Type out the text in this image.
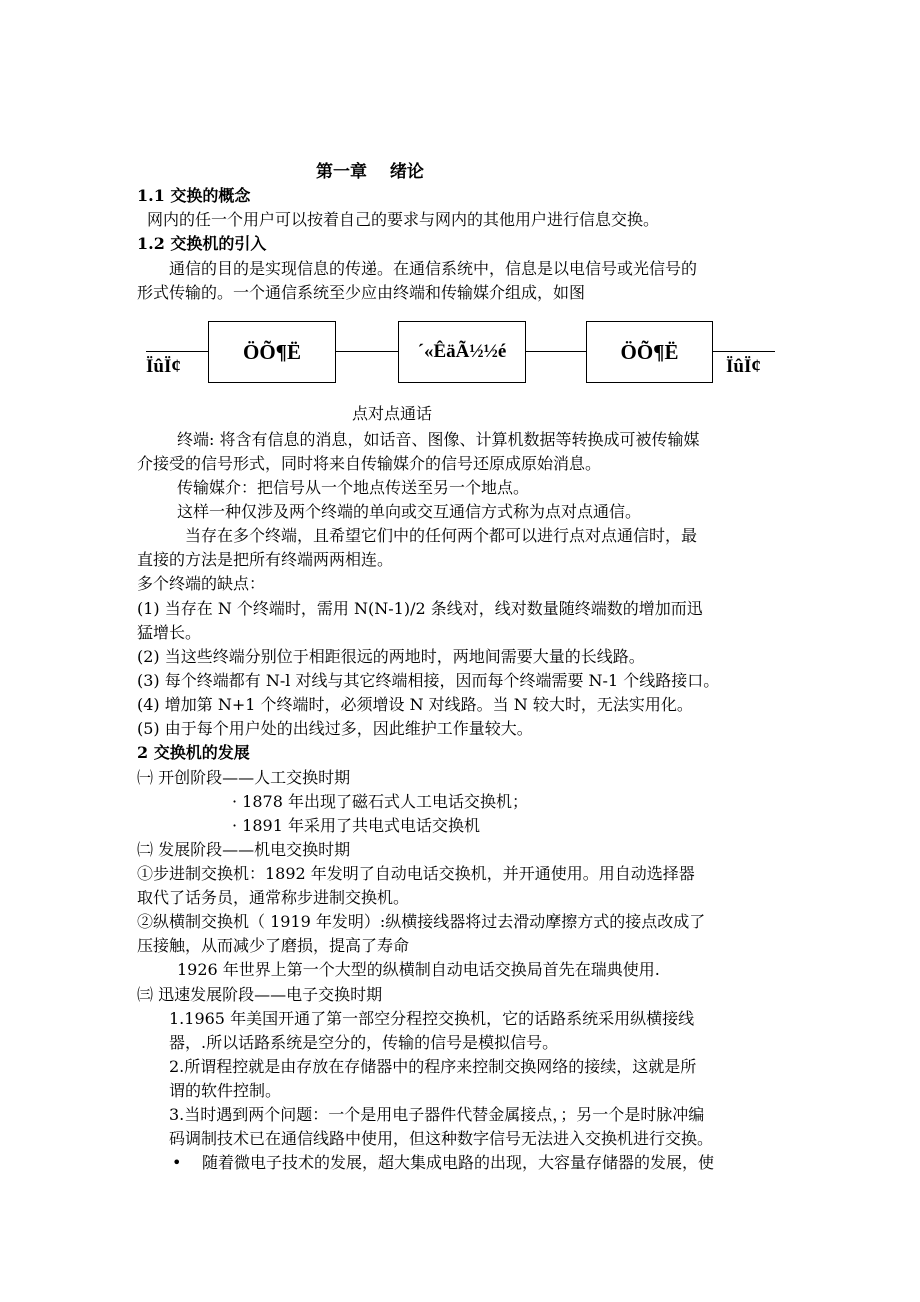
第一章　 绪论
1.1 交换的概念
网内的任一个用户可以按着自己的要求与网内的其他用户进行信息交换。
1.2 交换机的引入
通信的目的是实现信息的传递。在通信系统中，信息是以电信号或光信号的
形式传输的。一个通信系统至少应由终端和传输媒介组成，如图
ÏûÏ¢
ÖÕ¶Ë	´«ÊäÃ½½é	ÖÕ¶Ë
ÏûÏ¢
点对点通话
终端: 将含有信息的消息，如话音、图像、计算机数据等转换成可被传输媒
介接受的信号形式，同时将来自传输媒介的信号还原成原始消息。
传输媒介：把信号从一个地点传送至另一个地点。
这样一种仅涉及两个终端的单向或交互通信方式称为点对点通信。
当存在多个终端，且希望它们中的任何两个都可以进行点对点通信时，最
直接的方法是把所有终端两两相连。
多个终端的缺点：
(1) 当存在 N 个终端时，需用 N(N-1)/2 条线对，线对数量随终端数的增加而迅
猛增长。
(2) 当这些终端分别位于相距很远的两地时，两地间需要大量的长线路。
(3) 每个终端都有 N-l 对线与其它终端相接，因而每个终端需要 N-1 个线路接口。
(4) 增加第 N+1 个终端时，必须增设 N 对线路。当 N 较大时，无法实用化。
(5) 由于每个用户处的出线过多，因此维护工作量较大。
2 交换机的发展
㈠ 开创阶段——人工交换时期
· 1878 年出现了磁石式人工电话交换机；
· 1891 年采用了共电式电话交换机
㈡ 发展阶段——机电交换时期
①步进制交换机：1892 年发明了自动电话交换机，并开通使用。用自动选择器
取代了话务员，通常称步进制交换机。
②纵横制交换机（ 1919 年发明）:纵横接线器将过去滑动摩擦方式的接点改成了
压接触，从而减少了磨损，提高了寿命
1926 年世界上第一个大型的纵横制自动电话交换局首先在瑞典使用.
㈢ 迅速发展阶段——电子交换时期
1.1965 年美国开通了第一部空分程控交换机，它的话路系统采用纵横接线
器，.所以话路系统是空分的，传输的信号是模拟信号。
2.所谓程控就是由存放在存储器中的程序来控制交换网络的接续，这就是所
谓的软件控制。
3.当时遇到两个问题：一个是用电子器件代替金属接点，；另一个是时脉冲编
码调制技术已在通信线路中使用，但这种数字信号无法进入交换机进行交换。
• 随着微电子技术的发展，超大集成电路的出现，大容量存储器的发展，使
